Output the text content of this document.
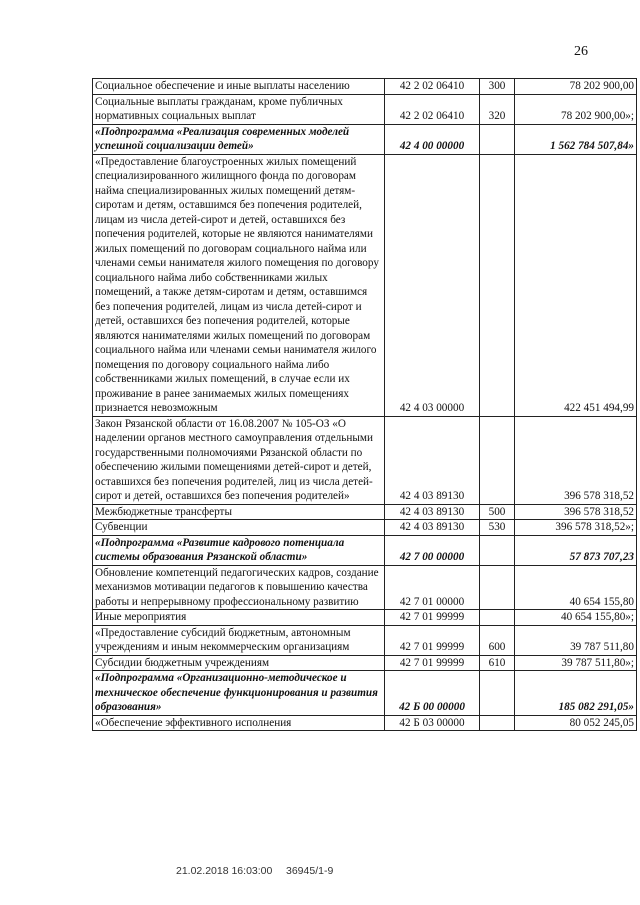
26
Социальное обеспечение и иные выплаты населению	42 2 02 06410	300	78 202 900,00
Социальные выплаты гражданам, кроме публичных нормативных социальных выплат	42 2 02 06410	320	78 202 900,00»;
«Подпрограмма «Реализация современных моделей успешной социализации детей»	42 4 00 00000		1 562 784 507,84»
«Предоставление благоустроенных жилых помещений специализированного жилищного фонда по договорам найма специализированных жилых помещений детям-сиротам и детям, оставшимся без попечения родителей, лицам из числа детей-сирот и детей, оставшихся без попечения родителей, которые не являются нанимателями жилых помещений по договорам социального найма или членами семьи нанимателя жилого помещения по договору социального найма либо собственниками жилых помещений, а также детям-сиротам и детям, оставшимся без попечения родителей, лицам из числа детей-сирот и детей, оставшихся без попечения родителей, которые являются нанимателями жилых помещений по договорам социального найма или членами семьи нанимателя жилого помещения по договору социального найма либо собственниками жилых помещений, в случае если их проживание в ранее занимаемых жилых помещениях признается невозможным	42 4 03 00000		422 451 494,99
Закон Рязанской области от 16.08.2007 № 105-ОЗ «О наделении органов местного самоуправления отдельными государственными полномочиями Рязанской области по обеспечению жилыми помещениями детей-сирот и детей, оставшихся без попечения родителей, лиц из числа детей-сирот и детей, оставшихся без попечения родителей»	42 4 03 89130		396 578 318,52
Межбюджетные трансферты	42 4 03 89130	500	396 578 318,52
Субвенции	42 4 03 89130	530	396 578 318,52»;
«Подпрограмма «Развитие кадрового потенциала системы образования Рязанской области»	42 7 00 00000		57 873 707,23
Обновление компетенций педагогических кадров, создание механизмов мотивации педагогов к повышению качества работы и непрерывному профессиональному развитию	42 7 01 00000		40 654 155,80
Иные мероприятия	42 7 01 99999		40 654 155,80»;
«Предоставление субсидий бюджетным, автономным учреждениям и иным некоммерческим организациям	42 7 01 99999	600	39 787 511,80
Субсидии бюджетным учреждениям	42 7 01 99999	610	39 787 511,80»;
«Подпрограмма «Организационно-методическое и техническое обеспечение функционирования и развития образования»	42 Б 00 00000		185 082 291,05»
«Обеспечение эффективного исполнения	42 Б 03 00000		80 052 245,05
21.02.2018 16:03:00 36945/1-9
